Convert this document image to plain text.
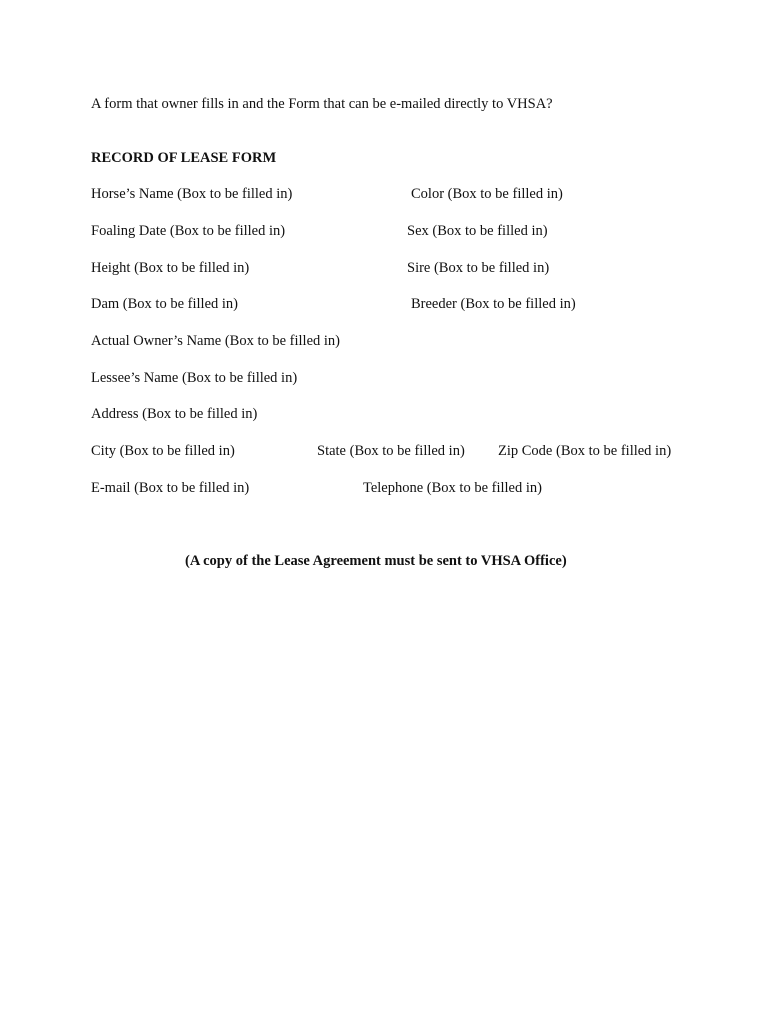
A form that owner fills in and the Form that can be e-mailed directly to VHSA?
RECORD OF LEASE FORM
Horse’s Name (Box to be filled in)	Color (Box to be filled in)
Foaling Date (Box to be filled in)	Sex (Box to be filled in)
Height (Box to be filled in)	Sire (Box to be filled in)
Dam (Box to be filled in)	Breeder (Box to be filled in)
Actual Owner’s Name (Box to be filled in)
Lessee’s Name (Box to be filled in)
Address (Box to be filled in)
City (Box to be filled in)	State (Box to be filled in) Zip Code (Box to be filled in)
E-mail (Box to be filled in)	Telephone (Box to be filled in)
(A copy of the Lease Agreement must be sent to VHSA Office)
